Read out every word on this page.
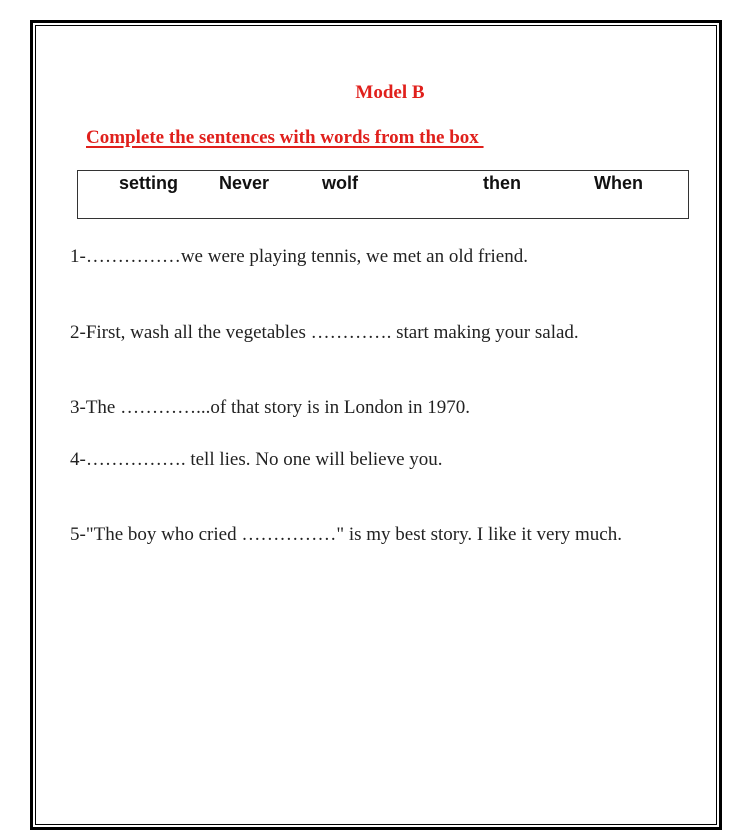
Model B
Complete the sentences with words from the box
setting Never	wolf	then	When
1-……………we were playing tennis, we met an old friend.
2-First, wash all the vegetables …………. start making your salad.
3-The …………...of that story is in London in 1970.
4-……………. tell lies. No one will believe you.
5-"The boy who cried ……………" is my best story. I like it very much.
